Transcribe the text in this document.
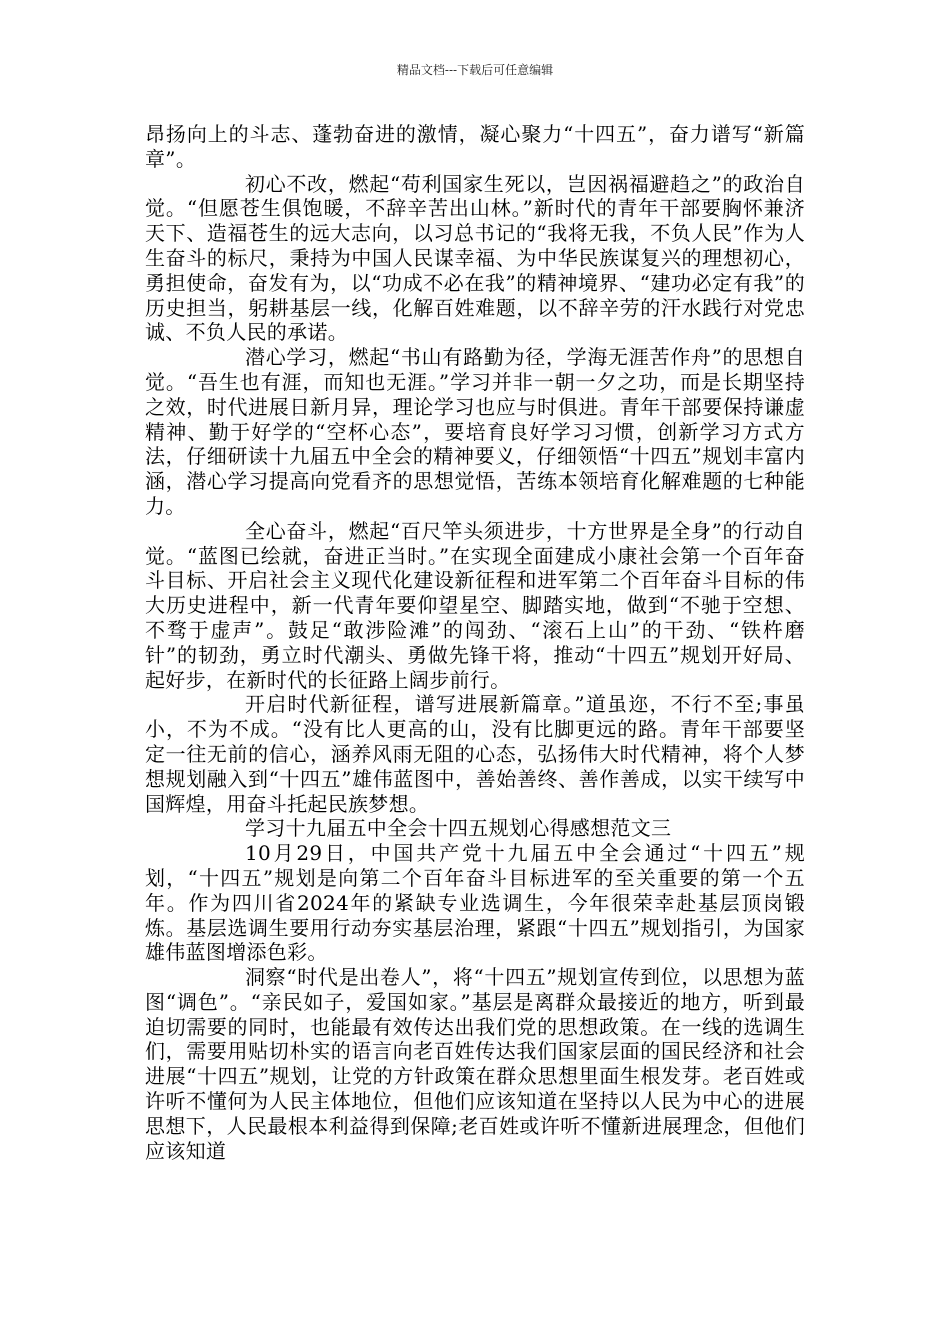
精品文档---下载后可任意编辑

昂扬向上的斗志、蓬勃奋进的激情，凝心聚力“十四五”，奋力谱写“新篇章”。

初心不改，燃起“苟利国家生死以，岂因祸福避趋之”的政治自觉。“但愿苍生俱饱暖，不辞辛苦出山林。”新时代的青年干部要胸怀兼济天下、造福苍生的远大志向，以习总书记的“我将无我，不负人民”作为人生奋斗的标尺，秉持为中国人民谋幸福、为中华民族谋复兴的理想初心，勇担使命，奋发有为，以“功成不必在我”的精神境界、“建功必定有我”的历史担当，躬耕基层一线，化解百姓难题，以不辞辛劳的汗水践行对党忠诚、不负人民的承诺。

潜心学习，燃起“书山有路勤为径，学海无涯苦作舟”的思想自觉。“吾生也有涯，而知也无涯。”学习并非一朝一夕之功，而是长期坚持之效，时代进展日新月异，理论学习也应与时俱进。青年干部要保持谦虚精神、勤于好学的“空杯心态”，要培育良好学习习惯，创新学习方式方法，仔细研读十九届五中全会的精神要义，仔细领悟“十四五”规划丰富内涵，潜心学习提高向党看齐的思想觉悟，苦练本领培育化解难题的七种能力。

全心奋斗，燃起“百尺竿头须进步，十方世界是全身”的行动自觉。“蓝图已绘就，奋进正当时。”在实现全面建成小康社会第一个百年奋斗目标、开启社会主义现代化建设新征程和进军第二个百年奋斗目标的伟大历史进程中，新一代青年要仰望星空、脚踏实地，做到“不驰于空想、不骛于虚声”。鼓足“敢涉险滩”的闯劲、“滚石上山”的干劲、“铁杵磨针”的韧劲，勇立时代潮头、勇做先锋干将，推动“十四五”规划开好局、起好步，在新时代的长征路上阔步前行。

开启时代新征程，谱写进展新篇章。”道虽迩，不行不至;事虽小，不为不成。“没有比人更高的山，没有比脚更远的路。青年干部要坚定一往无前的信心，涵养风雨无阻的心态，弘扬伟大时代精神，将个人梦想规划融入到“十四五”雄伟蓝图中，善始善终、善作善成，以实干续写中国辉煌，用奋斗托起民族梦想。

学习十九届五中全会十四五规划心得感想范文三

10月29日，中国共产党十九届五中全会通过“十四五”规划，“十四五”规划是向第二个百年奋斗目标进军的至关重要的第一个五年。作为四川省2024年的紧缺专业选调生，今年很荣幸赴基层顶岗锻炼。基层选调生要用行动夯实基层治理，紧跟“十四五”规划指引，为国家雄伟蓝图增添色彩。

洞察“时代是出卷人”，将“十四五”规划宣传到位，以思想为蓝图“调色”。“亲民如子，爱国如家。”基层是离群众最接近的地方，听到最迫切需要的同时，也能最有效传达出我们党的思想政策。在一线的选调生们，需要用贴切朴实的语言向老百姓传达我们国家层面的国民经济和社会进展“十四五”规划，让党的方针政策在群众思想里面生根发芽。老百姓或许听不懂何为人民主体地位，但他们应该知道在坚持以人民为中心的进展思想下，人民最根本利益得到保障;老百姓或许听不懂新进展理念，但他们应该知道
